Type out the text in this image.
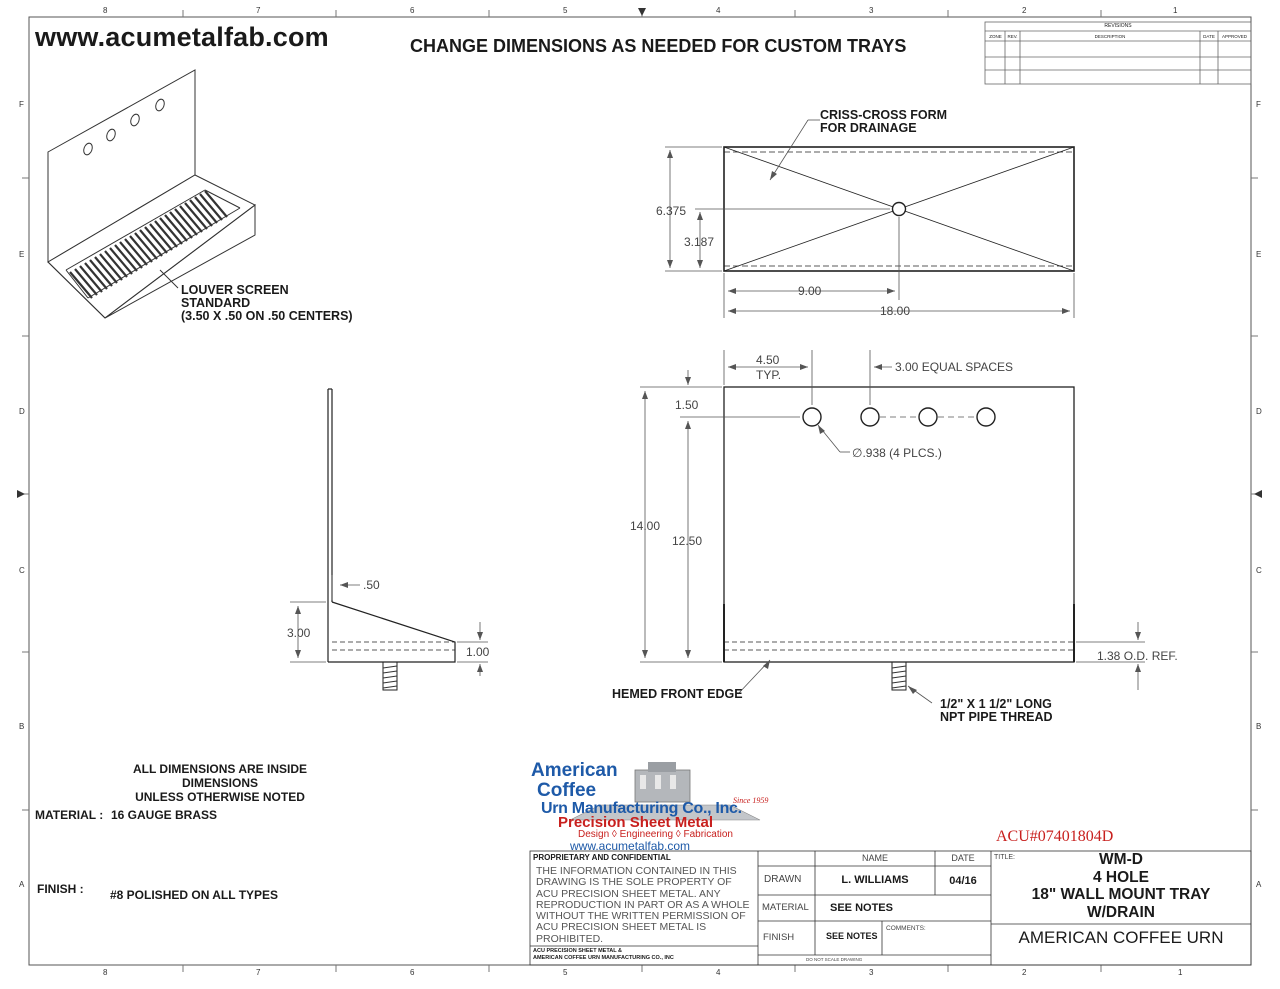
8	7	6	5	4	3	2	1
8	7	6	5	4	3	2	1
F
E
D
C
B
A
F
E
D
C
B
A
www.acumetalfab.com	CHANGE DIMENSIONS AS NEEDED FOR CUSTOM TRAYS
REVISIONS
ZONE	REV.	DESCRIPTION	DATE	APPROVED
LOUVER SCREEN
STANDARD
(3.50 X .50 ON .50 CENTERS)
CRISS-CROSS FORM
FOR DRAINAGE
HEMED FRONT EDGE
1/2" X 1 1/2" LONG
NPT PIPE THREAD
∅.938 (4 PLCS.)
3.00 EQUAL SPACES
TYP.
1.38 O.D. REF.
6.375
3.187
9.00
18.00
4.50
1.50
14.00
12.50
.50
3.00
1.00
ALL DIMENSIONS ARE INSIDE DIMENSIONS
UNLESS OTHERWISE NOTED
MATERIAL : 16 GAUGE BRASS
FINISH : #8 POLISHED ON ALL TYPES
American
Coffee
Urn Manufacturing Co., Inc.
Since 1959
Precision Sheet Metal
Design ◊ Engineering ◊ Fabrication
www.acumetalfab.com
ACU#07401804D
PROPRIETARY AND CONFIDENTIAL
THE INFORMATION CONTAINED IN THIS DRAWING IS THE SOLE PROPERTY OF ACU PRECISION SHEET METAL. ANY REPRODUCTION IN PART OR AS A WHOLE WITHOUT THE WRITTEN PERMISSION OF ACU PRECISION SHEET METAL IS PROHIBITED.
ACU PRECISION SHEET METAL &
AMERICAN COFFEE URN MANUFACTURING CO., INC
NAME	DATE
DRAWN	L. WILLIAMS	04/16
MATERIAL SEE NOTES
FINISH	SEE NOTES
COMMENTS:
DO NOT SCALE DRAWING
TITLE:	WM-D
4 HOLE
18" WALL MOUNT TRAY
W/DRAIN
AMERICAN COFFEE URN
